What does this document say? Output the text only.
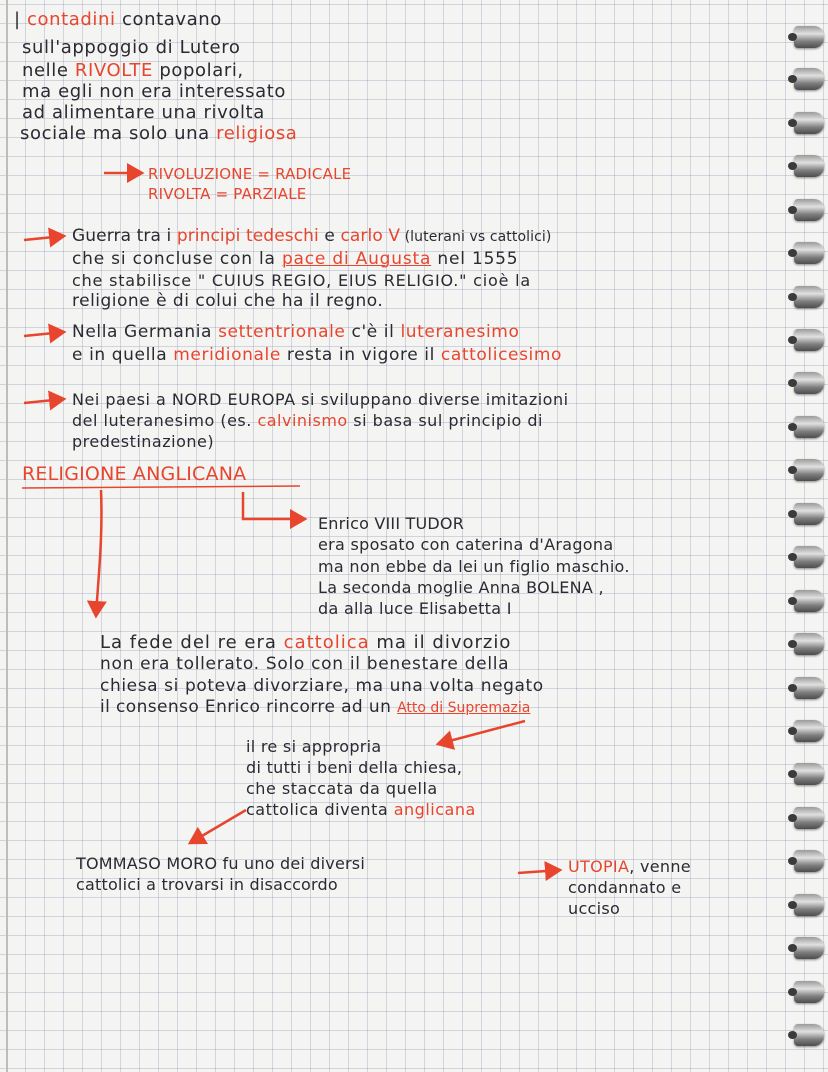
| contadini contavano

sull'appoggio di Lutero

nelle RIVOLTE popolari,

ma egli non era interessato

ad alimentare una rivolta

sociale ma solo una religiosa

RIVOLUZIONE = RADICALE

RIVOLTA = PARZIALE

Guerra tra i principi tedeschi e carlo V (luterani vs cattolici)

che si concluse con la pace di Augusta nel 1555

che stabilisce " CUIUS REGIO, EIUS RELIGIO." cioè la

religione è di colui che ha il regno.

Nella Germania settentrionale c'è il luteranesimo

e in quella meridionale resta in vigore il cattolicesimo

Nei paesi a NORD EUROPA si sviluppano diverse imitazioni

del luteranesimo (es. calvinismo si basa sul principio di

predestinazione)

RELIGIONE ANGLICANA

Enrico VIII TUDOR

era sposato con caterina d'Aragona

ma non ebbe da lei un figlio maschio.

La seconda moglie Anna BOLENA ,

da alla luce Elisabetta I

La fede del re era cattolica ma il divorzio

non era tollerato. Solo con il benestare della

chiesa si poteva divorziare, ma una volta negato

il consenso Enrico rincorre ad un Atto di Supremazia

il re si appropria

di tutti i beni della chiesa,

che staccata da quella

cattolica diventa anglicana

TOMMASO MORO fu uno dei diversi

cattolici a trovarsi in disaccordo

UTOPIA, venne

condannato e

ucciso
